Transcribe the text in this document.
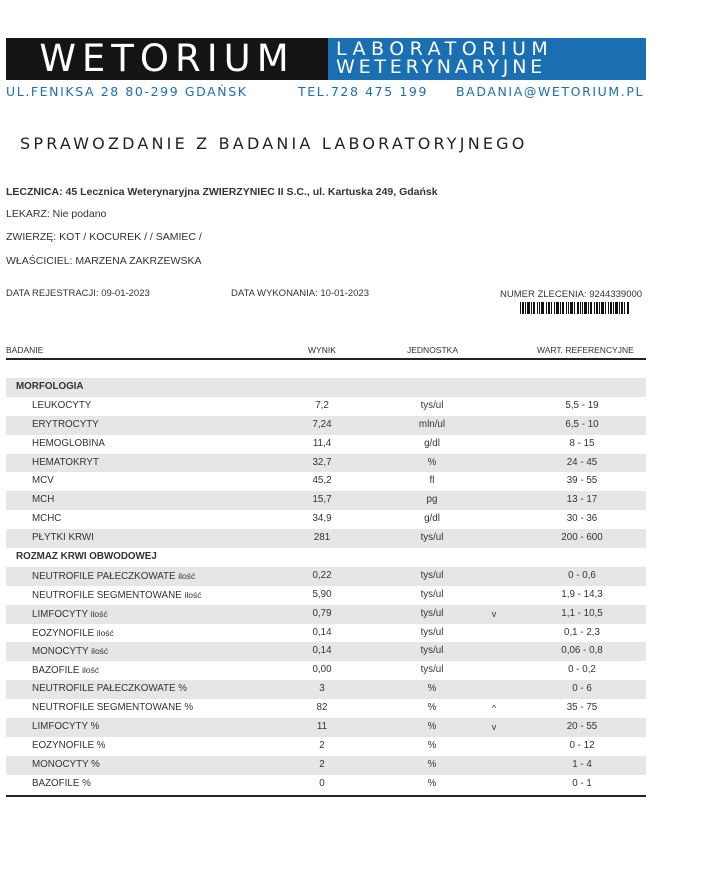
WETORIUM	LABORATORIUM
WETERYNARYJNE
UL.FENIKSA 28 80-299 GDAŃSK	TEL.728 475 199 BADANIA@WETORIUM.PL
SPRAWOZDANIE Z BADANIA LABORATORYJNEGO
LECZNICA: 45 Lecznica Weterynaryjna ZWIERZYNIEC II S.C., ul. Kartuska 249, Gdańsk
LEKARZ: Nie podano
ZWIERZĘ: KOT / KOCUREK / / SAMIEC /
WŁAŚCICIEL: MARZENA ZAKRZEWSKA
DATA REJESTRACJI: 09-01-2023	DATA WYKONANIA: 10-01-2023	NUMER ZLECENIA: 9244339000
BADANIE	WYNIK	JEDNOSTKA	WART. REFERENCYJNE
MORFOLOGIA
LEUKOCYTY	7,2	tys/ul	5,5 - 19
ERYTROCYTY	7,24	mln/ul	6,5 - 10
HEMOGLOBINA	11,4	g/dl	8 - 15
HEMATOKRYT	32,7	%	24 - 45
MCV	45,2	fl	39 - 55
MCH	15,7	pg	13 - 17
MCHC	34,9	g/dl	30 - 36
PŁYTKI KRWI	281	tys/ul	200 - 600
ROZMAZ KRWI OBWODOWEJ
NEUTROFILE PAŁECZKOWATE ilość	0,22	tys/ul	0 - 0,6
NEUTROFILE SEGMENTOWANE ilość	5,90	tys/ul	1,9 - 14,3
LIMFOCYTY ilość	0,79	tys/ul	v	1,1 - 10,5
EOZYNOFILE ilość	0,14	tys/ul	0,1 - 2,3
MONOCYTY ilość	0,14	tys/ul	0,06 - 0,8
BAZOFILE ilość	0,00	tys/ul	0 - 0,2
NEUTROFILE PAŁECZKOWATE %	3	%	0 - 6
NEUTROFILE SEGMENTOWANE %	82	%	^	35 - 75
LIMFOCYTY %	11	%	v	20 - 55
EOZYNOFILE %	2	%	0 - 12
MONOCYTY %	2	%	1 - 4
BAZOFILE %	0	%	0 - 1
